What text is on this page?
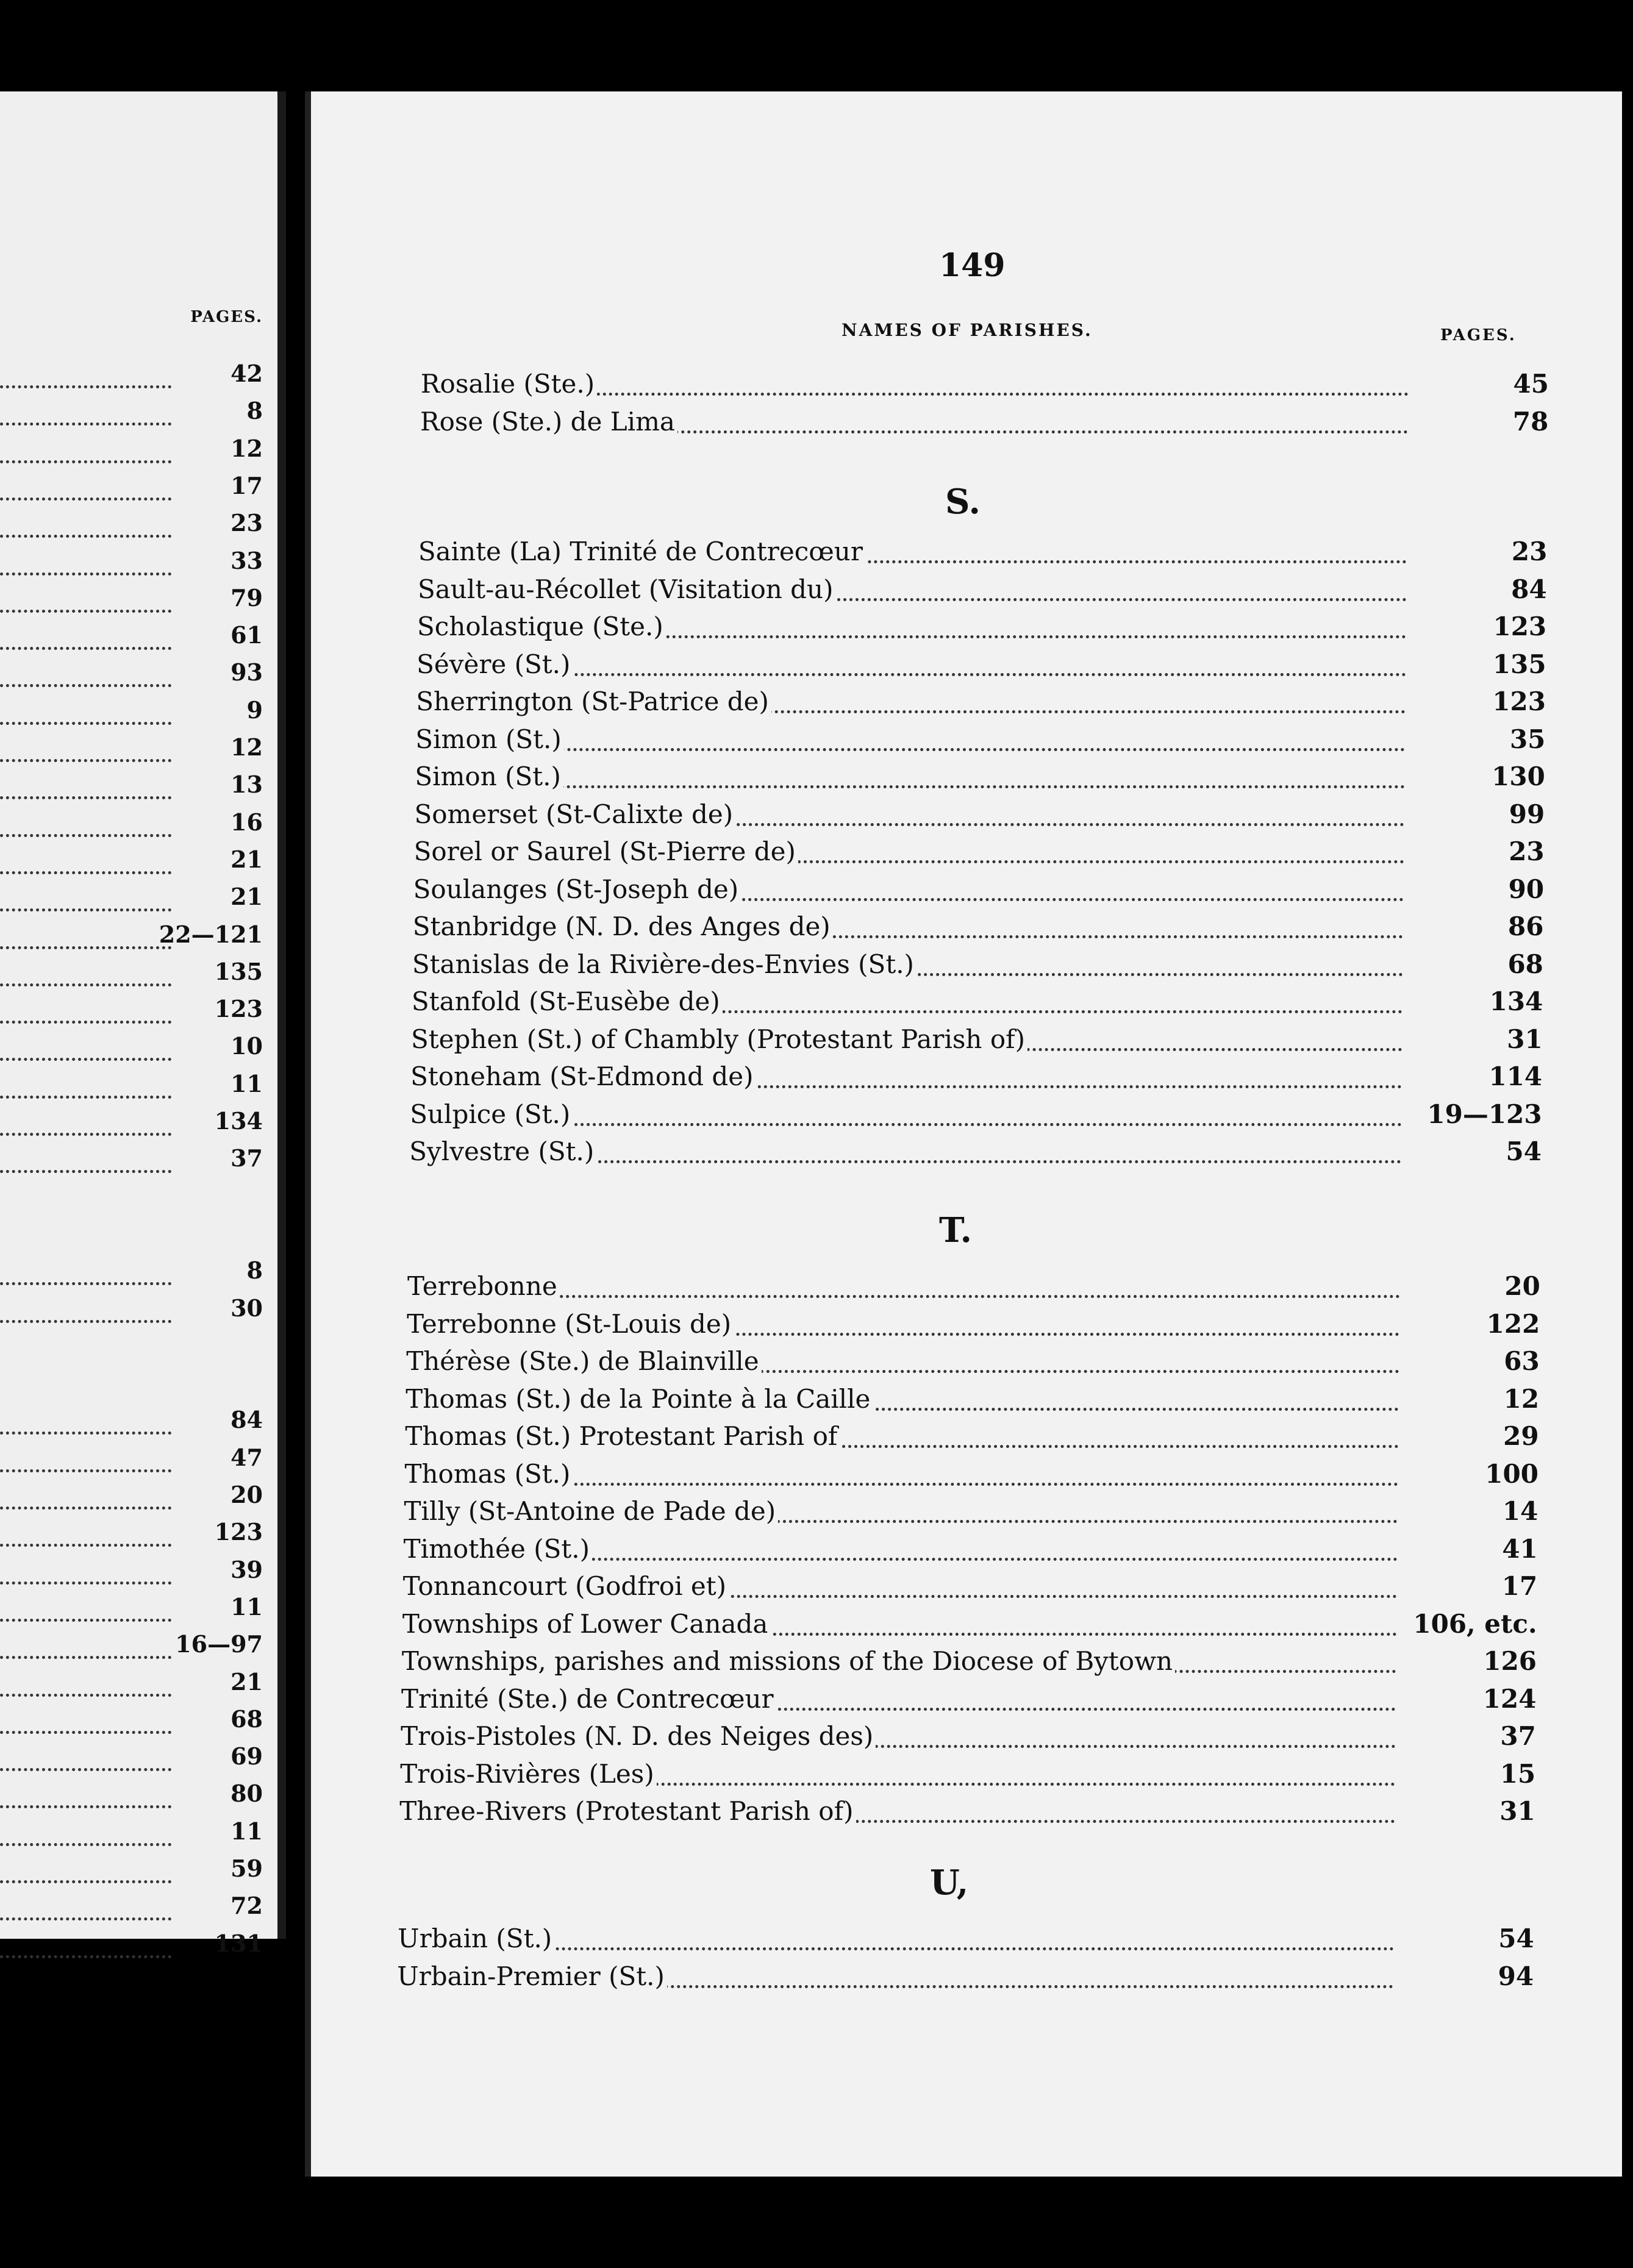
PAGES.
42
8
12
17
23
33
79
61
93
9
12
13
16
21
21
22—121
135
123
10
11
134
37
8
30
84
47
20
123
39
11
16—97
21
68
69
80
11
59
72
131
149
NAMES OF PARISHES.	PAGES.
Rosalie (Ste.)	45
Rose (Ste.) de Lima	78
S.
Sainte (La) Trinité de Contrecœur	23
Sault-au-Récollet (Visitation du)	84
Scholastique (Ste.)	123
Sévère (St.)	135
Sherrington (St-Patrice de)	123
Simon (St.)	35
Simon (St.)	130
Somerset (St-Calixte de)	99
Sorel or Saurel (St-Pierre de)	23
Soulanges (St-Joseph de)	90
Stanbridge (N. D. des Anges de)	86
Stanislas de la Rivière-des-Envies (St.)	68
Stanfold (St-Eusèbe de)	134
Stephen (St.) of Chambly (Protestant Parish of)	31
Stoneham (St-Edmond de)	114
Sulpice (St.)	19—123
Sylvestre (St.)	54
T.
Terrebonne	20
Terrebonne (St-Louis de)	122
Thérèse (Ste.) de Blainville	63
Thomas (St.) de la Pointe à la Caille	12
Thomas (St.) Protestant Parish of	29
Thomas (St.)	100
Tilly (St-Antoine de Pade de)	14
Timothée (St.)	41
Tonnancourt (Godfroi et)	17
Townships of Lower Canada	106, etc.
Townships, parishes and missions of the Diocese of Bytown	126
Trinité (Ste.) de Contrecœur	124
Trois-Pistoles (N. D. des Neiges des)	37
Trois-Rivières (Les)	15
Three-Rivers (Protestant Parish of)	31
U,
Urbain (St.)	54
Urbain-Premier (St.)	94
